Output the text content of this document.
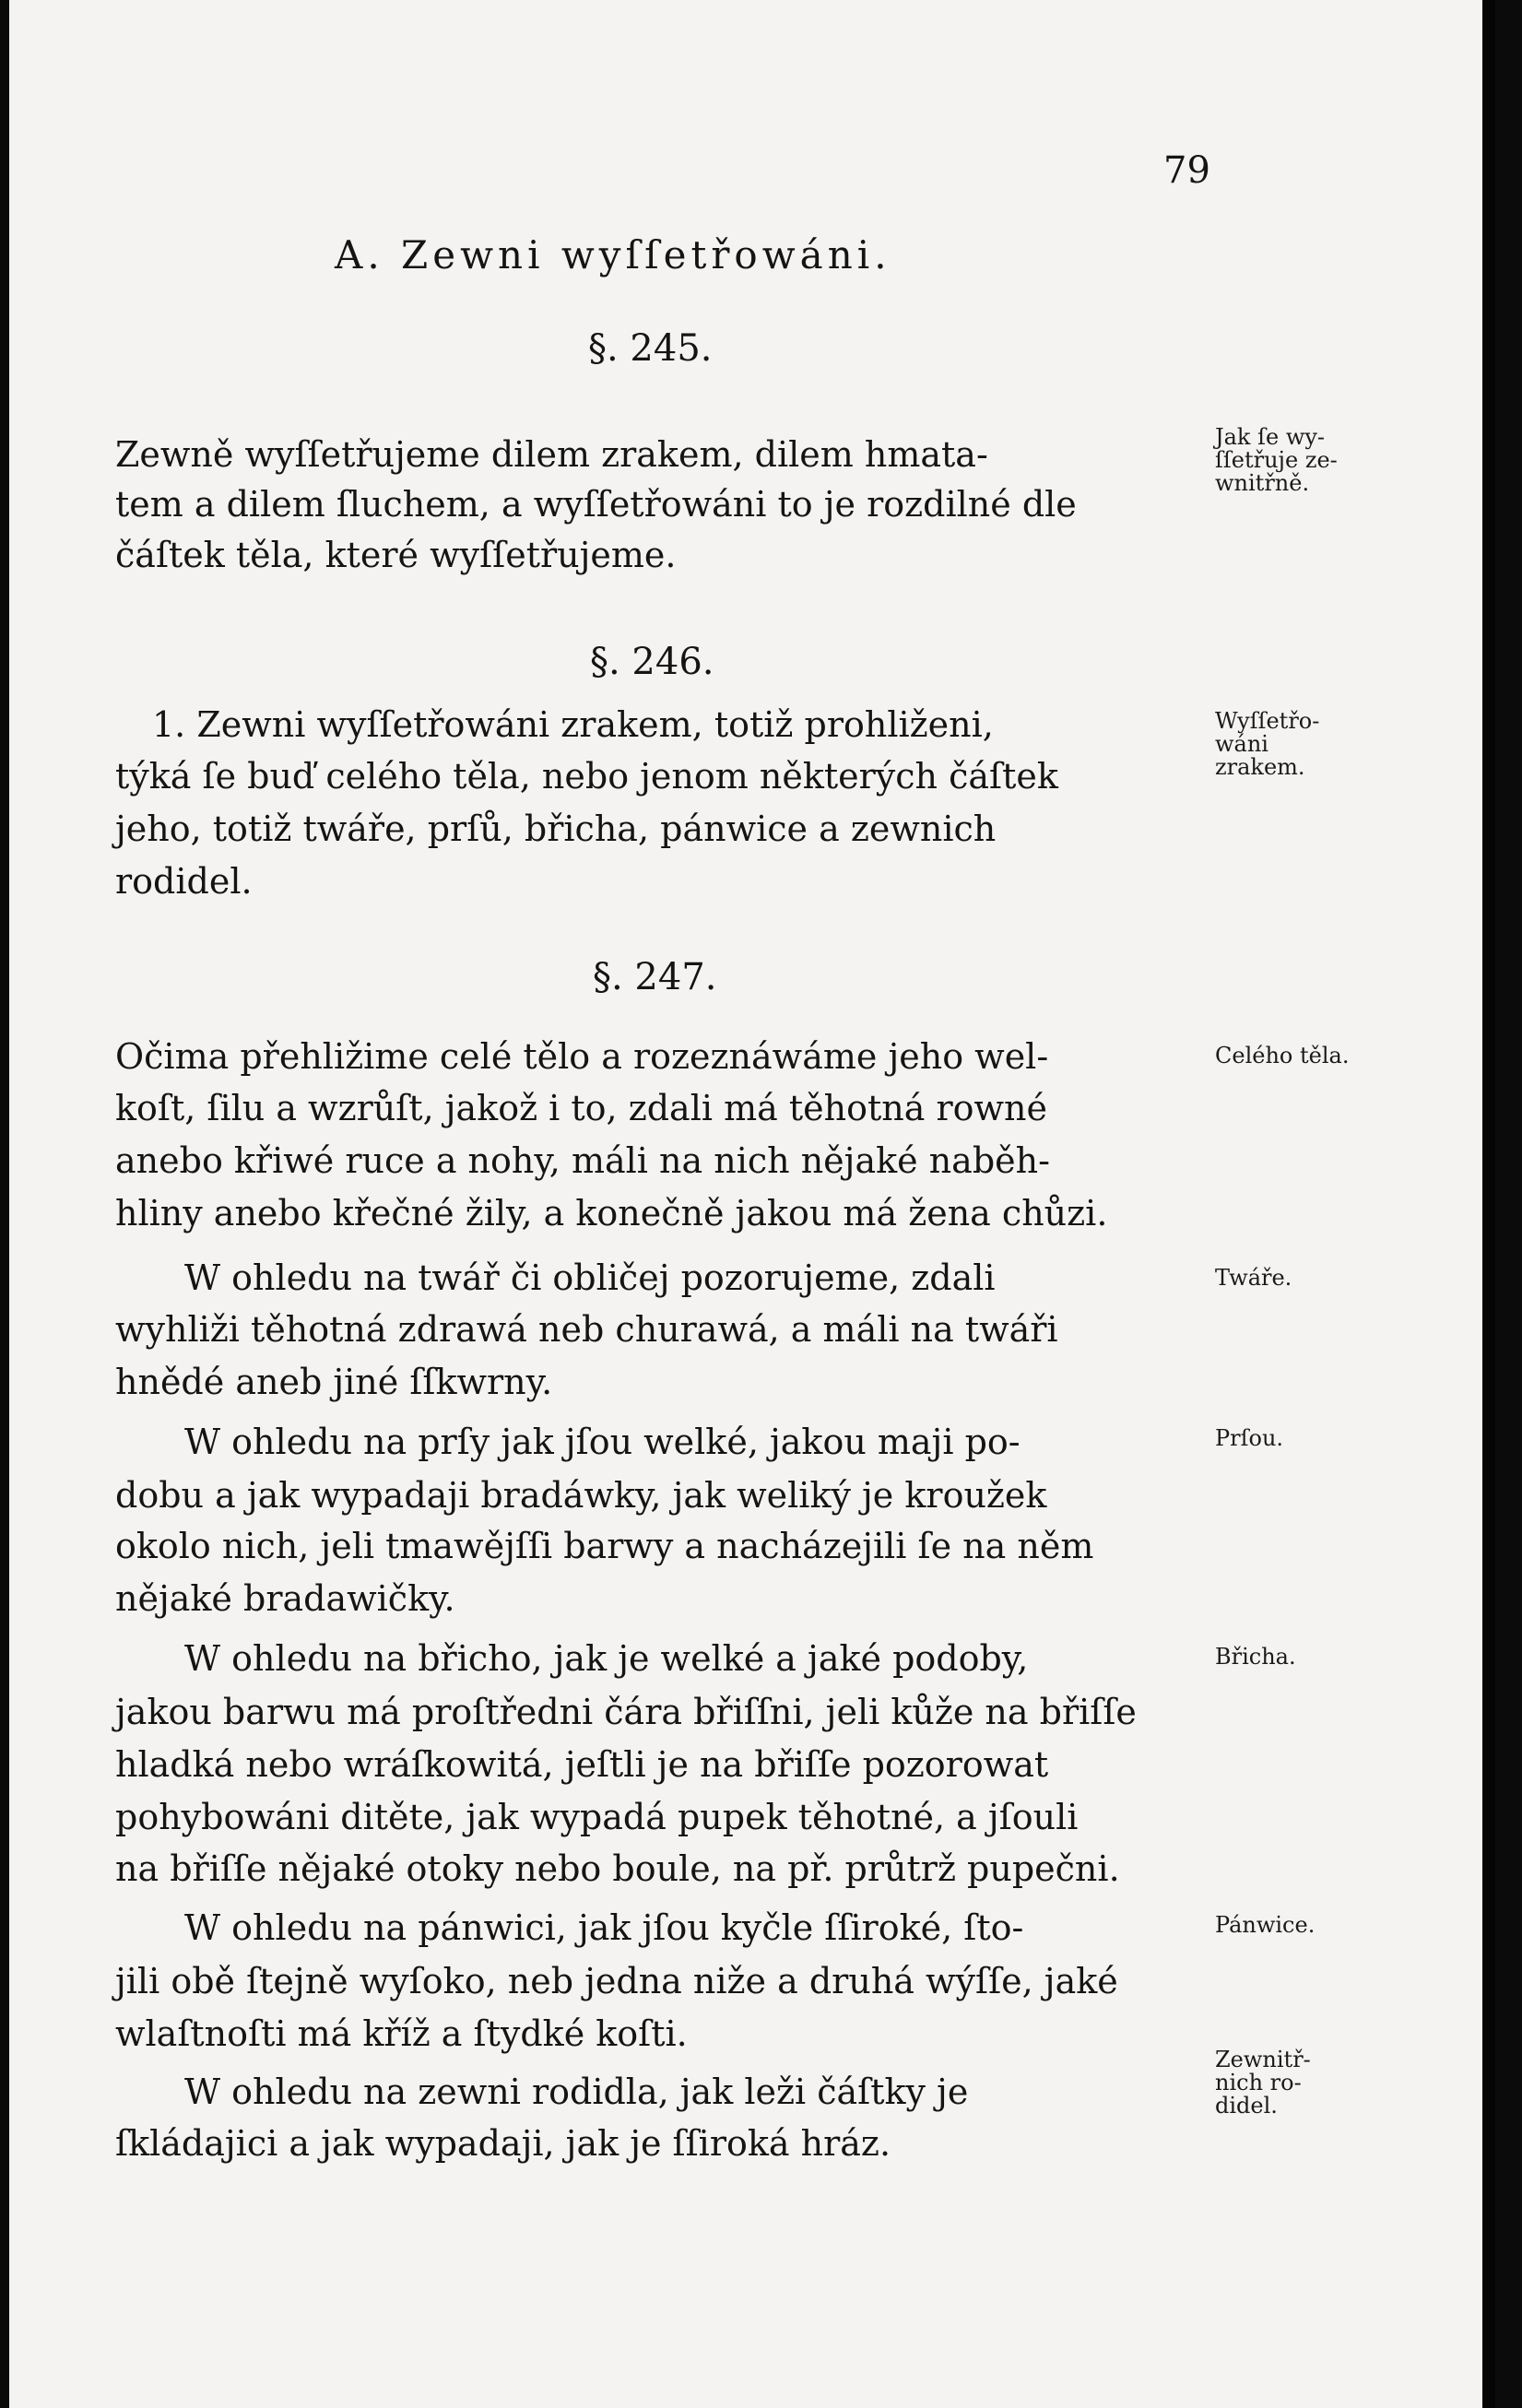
79
A. Zewni wyſſetřowáni.
§. 245.
§. 246.
§. 247.
Zewně wyſſetřujeme dilem zrakem, dilem hmata-
tem a dilem ſluchem, a wyſſetřowáni to je rozdilné dle
čáſtek těla, které wyſſetřujeme.
1. Zewni wyſſetřowáni zrakem, totiž prohliženi,
týká ſe buď celého těla, nebo jenom některých čáſtek
jeho, totiž twáře, prſů, břicha, pánwice a zewnich
rodidel.
Očima přehližime celé tělo a rozeznáwáme jeho wel-
koſt, ſilu a wzrůſt, jakož i to, zdali má těhotná rowné
anebo křiwé ruce a nohy, máli na nich nějaké naběh-
hliny anebo křečné žily, a konečně jakou má žena chůzi.
W ohledu na twář či obličej pozorujeme, zdali
wyhliži těhotná zdrawá neb churawá, a máli na twáři
hnědé aneb jiné ſſkwrny.
W ohledu na prſy jak jſou welké, jakou maji po-
dobu a jak wypadaji bradáwky, jak weliký je kroužek
okolo nich, jeli tmawějſſi barwy a nacházejili ſe na něm
nějaké bradawičky.
W ohledu na břicho, jak je welké a jaké podoby,
jakou barwu má proſtředni čára břiſſni, jeli kůže na břiſſe
hladká nebo wráſkowitá, jeſtli je na břiſſe pozorowat
pohybowáni ditěte, jak wypadá pupek těhotné, a jſouli
na břiſſe nějaké otoky nebo boule, na př. průtrž pupečni.
W ohledu na pánwici, jak jſou kyčle ſſiroké, ſto-
jili obě ſtejně wyſoko, neb jedna niže a druhá wýſſe, jaké
wlaſtnoſti má kříž a ſtydké koſti.
W ohledu na zewni rodidla, jak leži čáſtky je
ſkládajici a jak wypadaji, jak je ſſiroká hráz.
Jak ſe wy-ſſetřuje ze-wnitřně.
Wyſſetřo-wáni zrakem.
Celého těla.
Twáře.
Prſou.
Břicha.
Pánwice.
Zewnitř-nich ro-didel.
